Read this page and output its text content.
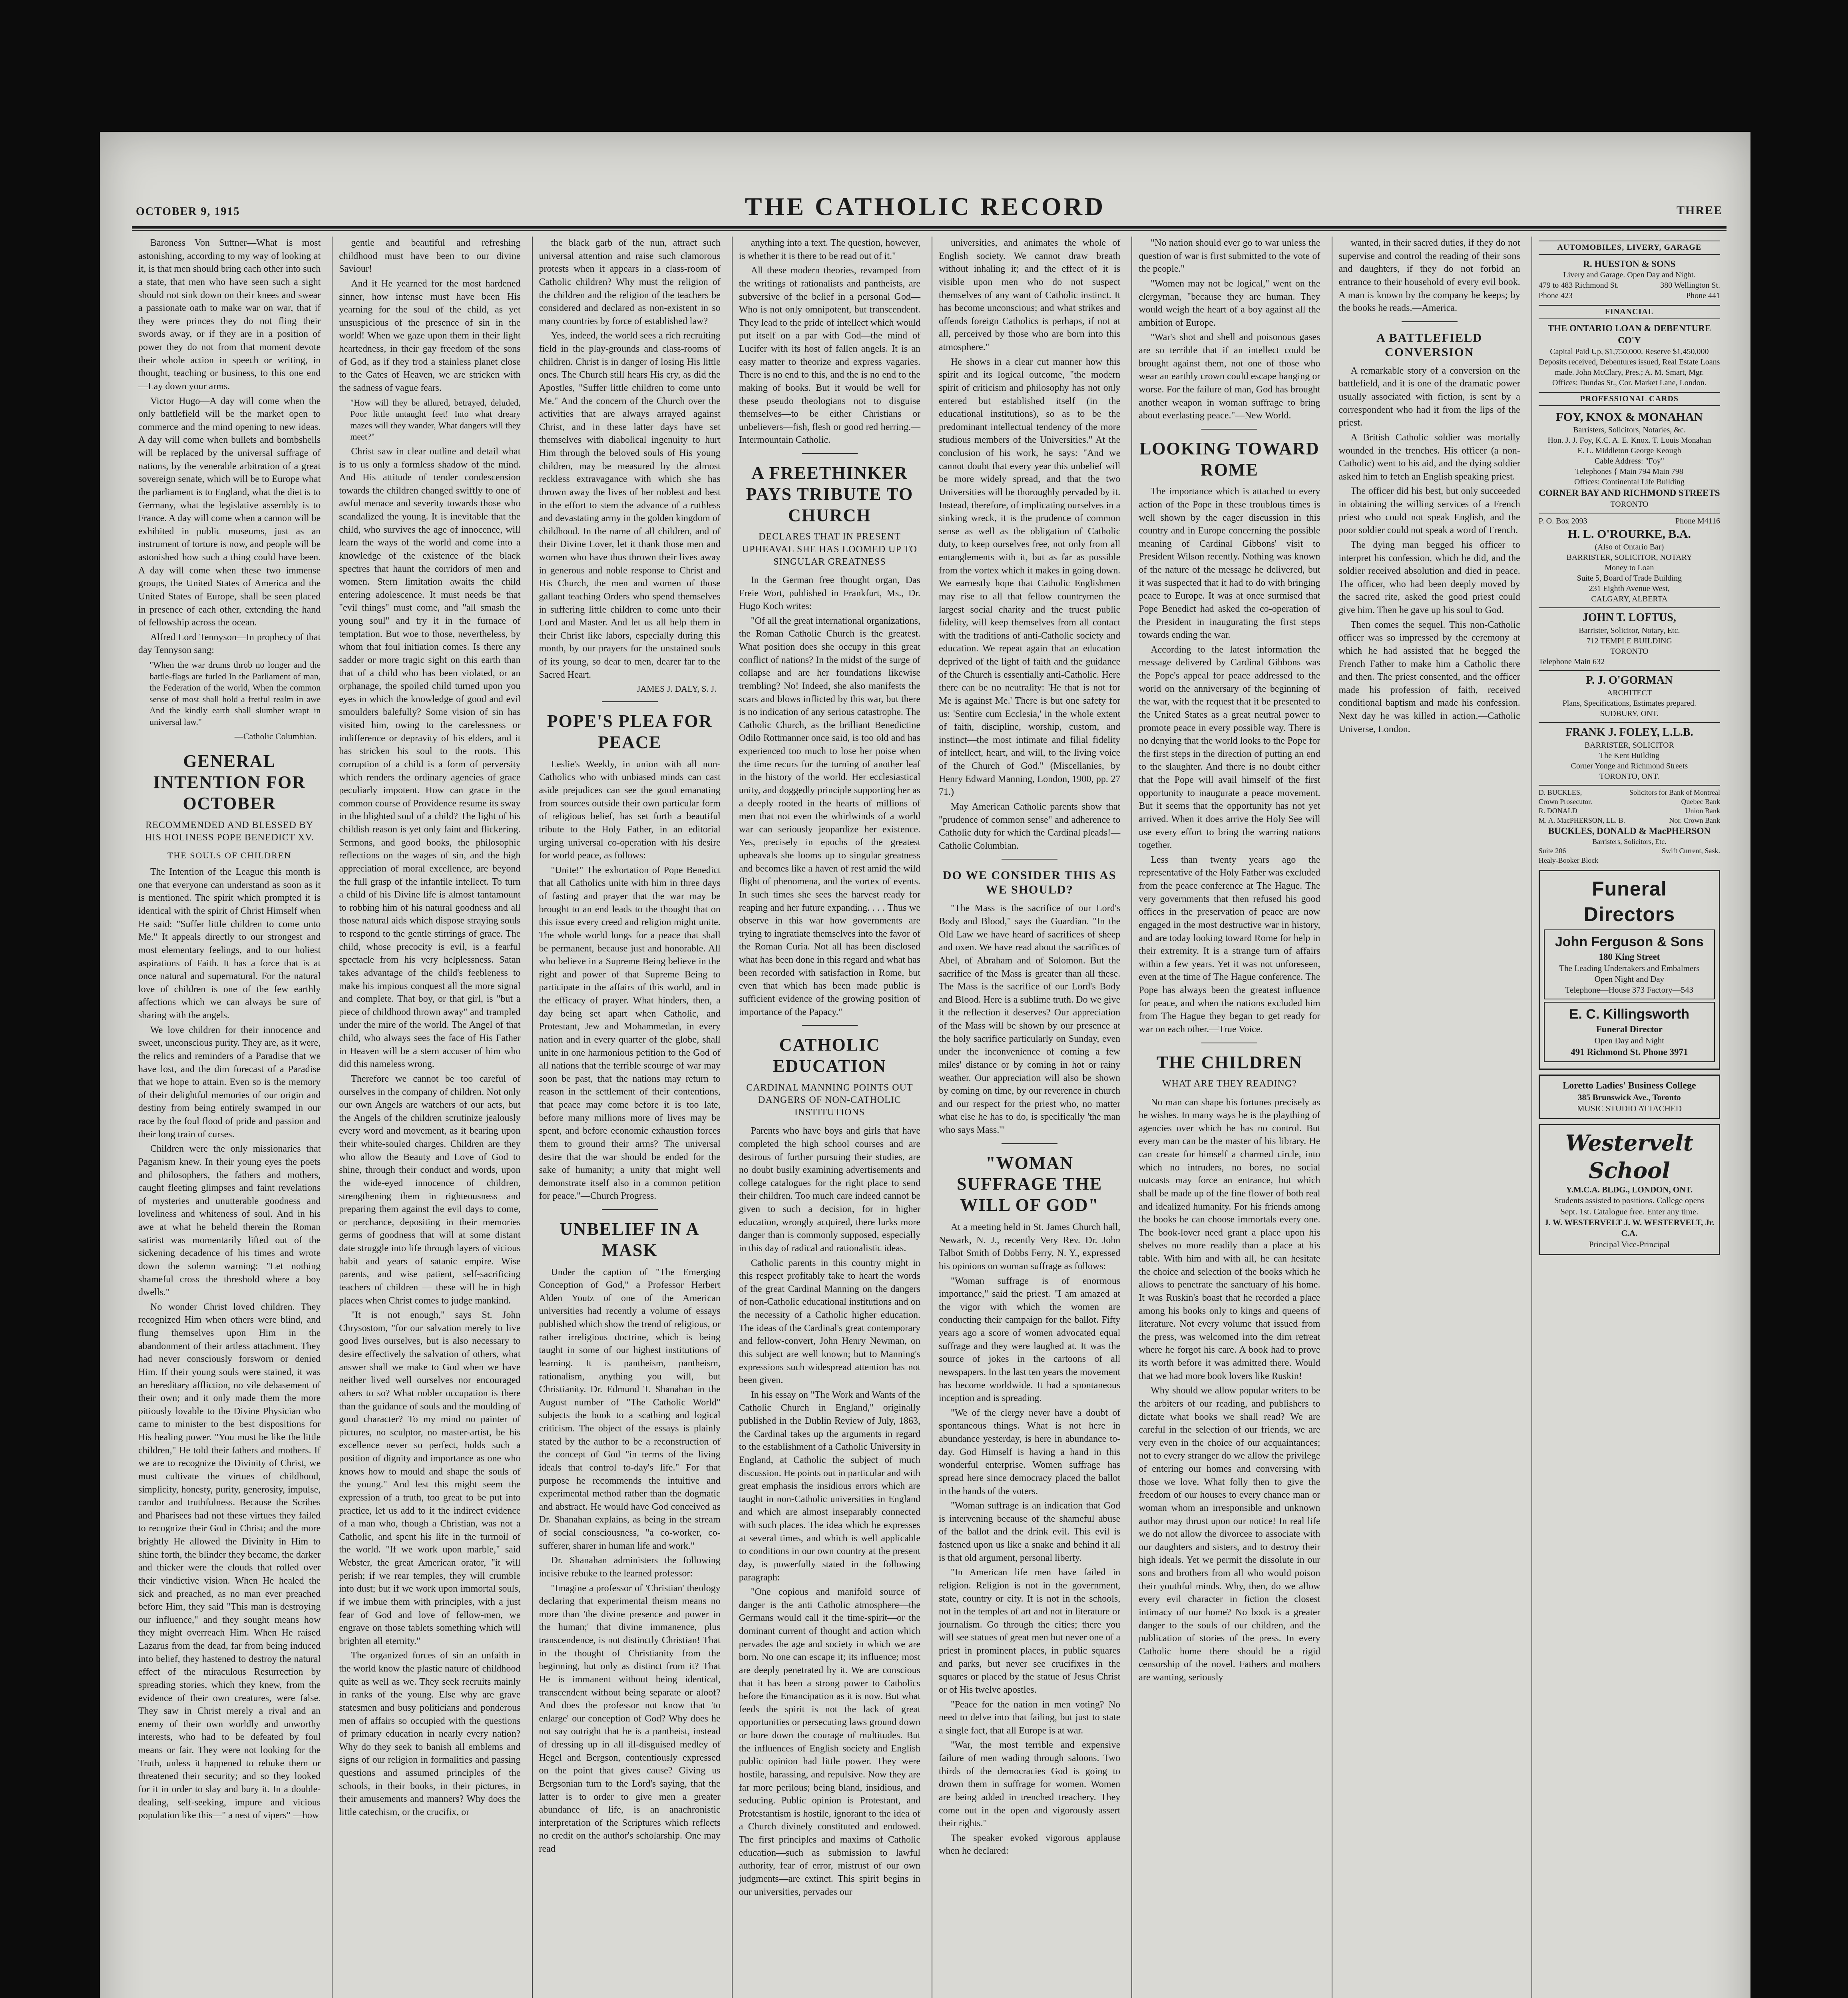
OCTOBER 9, 1915	THE CATHOLIC RECORD	THREE

Baroness Von Suttner—What is most astonishing, according to my way of looking at it, is that men should bring each other into such a state, that men who have seen such a sight should not sink down on their knees and swear a passionate oath to make war on war, that if they were princes they do not fling their swords away, or if they are in a position of power they do not from that moment devote their whole action in speech or writing, in thought, teaching or business, to this one end—Lay down your arms.

Victor Hugo—A day will come when the only battlefield will be the market open to commerce and the mind opening to new ideas. A day will come when bullets and bombshells will be replaced by the universal suffrage of nations, by the venerable arbitration of a great sovereign senate, which will be to Europe what the parliament is to England, what the diet is to Germany, what the legislative assembly is to France. A day will come when a cannon will be exhibited in public museums, just as an instrument of torture is now, and people will be astonished how such a thing could have been. A day will come when these two immense groups, the United States of America and the United States of Europe, shall be seen placed in presence of each other, extending the hand of fellowship across the ocean.

Alfred Lord Tennyson—In prophecy of that day Tennyson sang:

"When the war drums throb no longer and the battle-flags are furled In the Parliament of man, the Federation of the world, When the common sense of most shall hold a fretful realm in awe And the kindly earth shall slumber wrapt in universal law."

—Catholic Columbian.

GENERAL INTENTION FOR OCTOBER
RECOMMENDED AND BLESSED BY HIS HOLINESS POPE BENEDICT XV.
THE SOULS OF CHILDREN

The Intention of the League this month is one that everyone can understand as soon as it is mentioned. The spirit which prompted it is identical with the spirit of Christ Himself when He said: "Suffer little children to come unto Me." It appeals directly to our strongest and most elementary feelings, and to our holiest aspirations of Faith. It has a force that is at once natural and supernatural. For the natural love of children is one of the few earthly affections which we can always be sure of sharing with the angels.

We love children for their innocence and sweet, unconscious purity. They are, as it were, the relics and reminders of a Paradise that we have lost, and the dim forecast of a Paradise that we hope to attain. Even so is the memory of their delightful memories of our origin and destiny from being entirely swamped in our race by the foul flood of pride and passion and their long train of curses.

Children were the only missionaries that Paganism knew. In their young eyes the poets and philosophers, the fathers and mothers, caught fleeting glimpses and faint revelations of mysteries and unutterable goodness and loveliness and whiteness of soul. And in his awe at what he beheld therein the Roman satirist was momentarily lifted out of the sickening decadence of his times and wrote down the solemn warning: "Let nothing shameful cross the threshold where a boy dwells."

No wonder Christ loved children. They recognized Him when others were blind, and flung themselves upon Him in the abandonment of their artless attachment. They had never consciously forsworn or denied Him. If their young souls were stained, it was an hereditary affliction, no vile debasement of their own; and it only made them the more pitiously lovable to the Divine Physician who came to minister to the best dispositions for His healing power. "You must be like the little children," He told their fathers and mothers. If we are to recognize the Divinity of Christ, we must cultivate the virtues of childhood, simplicity, honesty, purity, generosity, impulse, candor and truthfulness. Because the Scribes and Pharisees had not these virtues they failed to recognize their God in Christ; and the more brightly He allowed the Divinity in Him to shine forth, the blinder they became, the darker and thicker were the clouds that rolled over their vindictive vision. When He healed the sick and preached, as no man ever preached before Him, they said "This man is destroying our influence," and they sought means how they might overreach Him. When He raised Lazarus from the dead, far from being induced into belief, they hastened to destroy the natural effect of the miraculous Resurrection by spreading stories, which they knew, from the evidence of their own creatures, were false. They saw in Christ merely a rival and an enemy of their own worldly and unworthy interests, who had to be defeated by foul means or fair. They were not looking for the Truth, unless it happened to rebuke them or threatened their security; and so they looked for it in order to slay and bury it. In a double-dealing, self-seeking, impure and vicious population like this—" a nest of vipers" —how

gentle and beautiful and refreshing childhood must have been to our divine Saviour!

And it He yearned for the most hardened sinner, how intense must have been His yearning for the soul of the child, as yet unsuspicious of the presence of sin in the world! When we gaze upon them in their light heartedness, in their gay freedom of the sons of God, as if they trod a stainless planet close to the Gates of Heaven, we are stricken with the sadness of vague fears.

"How will they be allured, betrayed, deluded, Poor little untaught feet! Into what dreary mazes will they wander, What dangers will they meet?"

Christ saw in clear outline and detail what is to us only a formless shadow of the mind. And His attitude of tender condescension towards the children changed swiftly to one of awful menace and severity towards those who scandalized the young. It is inevitable that the child, who survives the age of innocence, will learn the ways of the world and come into a knowledge of the existence of the black spectres that haunt the corridors of men and women. Stern limitation awaits the child entering adolescence. It must needs be that "evil things" must come, and "all smash the young soul" and try it in the furnace of temptation. But woe to those, nevertheless, by whom that foul initiation comes. Is there any sadder or more tragic sight on this earth than that of a child who has been violated, or an orphanage, the spoiled child turned upon you eyes in which the knowledge of good and evil smoulders balefully? Some vision of sin has visited him, owing to the carelessness or indifference or depravity of his elders, and it has stricken his soul to the roots. This corruption of a child is a form of perversity which renders the ordinary agencies of grace peculiarly impotent. How can grace in the common course of Providence resume its sway in the blighted soul of a child? The light of his childish reason is yet only faint and flickering. Sermons, and good books, the philosophic reflections on the wages of sin, and the high appreciation of moral excellence, are beyond the full grasp of the infantile intellect. To turn a child of his Divine life is almost tantamount to robbing him of his natural goodness and all those natural aids which dispose straying souls to respond to the gentle stirrings of grace. The child, whose precocity is evil, is a fearful spectacle from his very helplessness. Satan takes advantage of the child's feebleness to make his impious conquest all the more signal and complete. That boy, or that girl, is "but a piece of childhood thrown away" and trampled under the mire of the world. The Angel of that child, who always sees the face of His Father in Heaven will be a stern accuser of him who did this nameless wrong.

Therefore we cannot be too careful of ourselves in the company of children. Not only our own Angels are watchers of our acts, but the Angels of the children scrutinize jealously every word and movement, as it bearing upon their white-souled charges. Children are they who allow the Beauty and Love of God to shine, through their conduct and words, upon the wide-eyed innocence of children, strengthening them in righteousness and preparing them against the evil days to come, or perchance, depositing in their memories germs of goodness that will at some distant date struggle into life through layers of vicious habit and years of satanic empire. Wise parents, and wise patient, self-sacrificing teachers of children — these will be in high places when Christ comes to judge mankind.

"It is not enough," says St. John Chrysostom, "for our salvation merely to live good lives ourselves, but is also necessary to desire effectively the salvation of others, what answer shall we make to God when we have neither lived well ourselves nor encouraged others to so? What nobler occupation is there than the guidance of souls and the moulding of good character? To my mind no painter of pictures, no sculptor, no master-artist, be his excellence never so perfect, holds such a position of dignity and importance as one who knows how to mould and shape the souls of the young." And lest this might seem the expression of a truth, too great to be put into practice, let us add to it the indirect evidence of a man who, though a Christian, was not a Catholic, and spent his life in the turmoil of the world. "If we work upon marble," said Webster, the great American orator, "it will perish; if we rear temples, they will crumble into dust; but if we work upon immortal souls, if we imbue them with principles, with a just fear of God and love of fellow-men, we engrave on those tablets something which will brighten all eternity."

The organized forces of sin an unfaith in the world know the plastic nature of childhood quite as well as we. They seek recruits mainly in ranks of the young. Else why are grave statesmen and busy politicians and ponderous men of affairs so occupied with the questions of primary education in nearly every nation? Why do they seek to banish all emblems and signs of our religion in formalities and passing questions and assumed principles of the schools, in their books, in their pictures, in their amusements and manners? Why does the little catechism, or the crucifix, or

the black garb of the nun, attract such universal attention and raise such clamorous protests when it appears in a class-room of Catholic children? Why must the religion of the children and the religion of the teachers be considered and declared as non-existent in so many countries by force of established law?

Yes, indeed, the world sees a rich recruiting field in the play-grounds and class-rooms of children. Christ is in danger of losing His little ones. The Church still hears His cry, as did the Apostles, "Suffer little children to come unto Me." And the concern of the Church over the activities that are always arrayed against Christ, and in these latter days have set themselves with diabolical ingenuity to hurt Him through the beloved souls of His young children, may be measured by the almost reckless extravagance with which she has thrown away the lives of her noblest and best in the effort to stem the advance of a ruthless and devastating army in the golden kingdom of childhood. In the name of all children, and of their Divine Lover, let it thank those men and women who have thus thrown their lives away in generous and noble response to Christ and His Church, the men and women of those gallant teaching Orders who spend themselves in suffering little children to come unto their Lord and Master. And let us all help them in their Christ like labors, especially during this month, by our prayers for the unstained souls of its young, so dear to men, dearer far to the Sacred Heart.

JAMES J. DALY, S. J.

POPE'S PLEA FOR PEACE

Leslie's Weekly, in union with all non-Catholics who with unbiased minds can cast aside prejudices can see the good emanating from sources outside their own particular form of religious belief, has set forth a beautiful tribute to the Holy Father, in an editorial urging universal co-operation with his desire for world peace, as follows:

"Unite!" The exhortation of Pope Benedict that all Catholics unite with him in three days of fasting and prayer that the war may be brought to an end leads to the thought that on this issue every creed and religion might unite. The whole world longs for a peace that shall be permanent, because just and honorable. All who believe in a Supreme Being believe in the right and power of that Supreme Being to participate in the affairs of this world, and in the efficacy of prayer. What hinders, then, a day being set apart when Catholic, and Protestant, Jew and Mohammedan, in every nation and in every quarter of the globe, shall unite in one harmonious petition to the God of all nations that the terrible scourge of war may soon be past, that the nations may return to reason in the settlement of their contentions, that peace may come before it is too late, before many millions more of lives may be spent, and before economic exhaustion forces them to ground their arms? The universal desire that the war should be ended for the sake of humanity; a unity that might well demonstrate itself also in a common petition for peace."—Church Progress.

UNBELIEF IN A MASK

Under the caption of "The Emerging Conception of God," a Professor Herbert Alden Youtz of one of the American universities had recently a volume of essays published which show the trend of religious, or rather irreligious doctrine, which is being taught in some of our highest institutions of learning. It is pantheism, pantheism, rationalism, anything you will, but Christianity. Dr. Edmund T. Shanahan in the August number of "The Catholic World" subjects the book to a scathing and logical criticism. The object of the essays is plainly stated by the author to be a reconstruction of the concept of God "in terms of the living ideals that control to-day's life." For that purpose he recommends the intuitive and experimental method rather than the dogmatic and abstract. He would have God conceived as Dr. Shanahan explains, as being in the stream of social consciousness, "a co-worker, co-sufferer, sharer in human life and work."

Dr. Shanahan administers the following incisive rebuke to the learned professor:

"Imagine a professor of 'Christian' theology declaring that experimental theism means no more than 'the divine presence and power in the human;' that divine immanence, plus transcendence, is not distinctly Christian! That in the thought of Christianity from the beginning, but only as distinct from it? That He is immanent without being identical, transcendent without being separate or aloof? And does the professor not know that 'to enlarge' our conception of God? Why does he not say outright that he is a pantheist, instead of dressing up in all ill-disguised medley of Hegel and Bergson, contentiously expressed on the point that gives cause? Giving us Bergsonian turn to the Lord's saying, that the latter is to order to give men a greater abundance of life, is an anachronistic interpretation of the Scriptures which reflects no credit on the author's scholarship. One may read

anything into a text. The question, however, is whether it is there to be read out of it."

All these modern theories, revamped from the writings of rationalists and pantheists, are subversive of the belief in a personal God—Who is not only omnipotent, but transcendent. They lead to the pride of intellect which would put itself on a par with God—the mind of Lucifer with its host of fallen angels. It is an easy matter to theorize and express vagaries. There is no end to this, and the is no end to the making of books. But it would be well for these pseudo theologians not to disguise themselves—to be either Christians or unbelievers—fish, flesh or good red herring.—Intermountain Catholic.

A FREETHINKER PAYS TRIBUTE TO CHURCH
DECLARES THAT IN PRESENT UPHEAVAL SHE HAS LOOMED UP TO SINGULAR GREATNESS

In the German free thought organ, Das Freie Wort, published in Frankfurt, Ms., Dr. Hugo Koch writes:

"Of all the great international organizations, the Roman Catholic Church is the greatest. What position does she occupy in this great conflict of nations? In the midst of the surge of collapse and are her foundations likewise trembling? No! Indeed, she also manifests the scars and blows inflicted by this war, but there is no indication of any serious catastrophe. The Catholic Church, as the brilliant Benedictine Odilo Rottmanner once said, is too old and has experienced too much to lose her poise when the time recurs for the turning of another leaf in the history of the world. Her ecclesiastical unity, and doggedly principle supporting her as a deeply rooted in the hearts of millions of men that not even the whirlwinds of a world war can seriously jeopardize her existence. Yes, precisely in epochs of the greatest upheavals she looms up to singular greatness and becomes like a haven of rest amid the wild flight of phenomena, and the vortex of events. In such times she sees the harvest ready for reaping and her future expanding. . . . Thus we observe in this war how governments are trying to ingratiate themselves into the favor of the Roman Curia. Not all has been disclosed what has been done in this regard and what has been recorded with satisfaction in Rome, but even that which has been made public is sufficient evidence of the growing position of importance of the Papacy."

CATHOLIC EDUCATION
CARDINAL MANNING POINTS OUT DANGERS OF NON-CATHOLIC INSTITUTIONS

Parents who have boys and girls that have completed the high school courses and are desirous of further pursuing their studies, are no doubt busily examining advertisements and college catalogues for the right place to send their children. Too much care indeed cannot be given to such a decision, for in higher education, wrongly acquired, there lurks more danger than is commonly supposed, especially in this day of radical and rationalistic ideas.

Catholic parents in this country might in this respect profitably take to heart the words of the great Cardinal Manning on the dangers of non-Catholic educational institutions and on the necessity of a Catholic higher education. The ideas of the Cardinal's great contemporary and fellow-convert, John Henry Newman, on this subject are well known; but to Manning's expressions such widespread attention has not been given.

In his essay on "The Work and Wants of the Catholic Church in England," originally published in the Dublin Review of July, 1863, the Cardinal takes up the arguments in regard to the establishment of a Catholic University in England, at Catholic the subject of much discussion. He points out in particular and with great emphasis the insidious errors which are taught in non-Catholic universities in England and which are almost inseparably connected with such places. The idea which he expresses at several times, and which is well applicable to conditions in our own country at the present day, is powerfully stated in the following paragraph:

"One copious and manifold source of danger is the anti Catholic atmosphere—the Germans would call it the time-spirit—or the dominant current of thought and action which pervades the age and society in which we are born. No one can escape it; its influence; most are deeply penetrated by it. We are conscious that it has been a strong power to Catholics before the Emancipation as it is now. But what feeds the spirit is not the lack of great opportunities or persecuting laws ground down or bore down the courage of multitudes. But the influences of English society and English public opinion had little power. They were hostile, harassing, and repulsive. Now they are far more perilous; being bland, insidious, and seducing. Public opinion is Protestant, and Protestantism is hostile, ignorant to the idea of a Church divinely constituted and endowed. The first principles and maxims of Catholic education—such as submission to lawful authority, fear of error, mistrust of our own judgments—are extinct. This spirit begins in our universities, pervades our

universities, and animates the whole of English society. We cannot draw breath without inhaling it; and the effect of it is visible upon men who do not suspect themselves of any want of Catholic instinct. It has become unconscious; and what strikes and offends foreign Catholics is perhaps, if not at all, perceived by those who are born into this atmosphere."

He shows in a clear cut manner how this spirit and its logical outcome, "the modern spirit of criticism and philosophy has not only entered but established itself (in the educational institutions), so as to be the predominant intellectual tendency of the more studious members of the Universities." At the conclusion of his work, he says: "And we cannot doubt that every year this unbelief will be more widely spread, and that the two Universities will be thoroughly pervaded by it. Instead, therefore, of implicating ourselves in a sinking wreck, it is the prudence of common sense as well as the obligation of Catholic duty, to keep ourselves free, not only from all entanglements with it, but as far as possible from the vortex which it makes in going down. We earnestly hope that Catholic Englishmen may rise to all that fellow countrymen the largest social charity and the truest public fidelity, will keep themselves from all contact with the traditions of anti-Catholic society and education. We repeat again that an education deprived of the light of faith and the guidance of the Church is essentially anti-Catholic. Here there can be no neutrality: 'He that is not for Me is against Me.' There is but one safety for us: 'Sentire cum Ecclesia,' in the whole extent of faith, discipline, worship, custom, and instinct—the most intimate and filial fidelity of intellect, heart, and will, to the living voice of the Church of God." (Miscellanies, by Henry Edward Manning, London, 1900, pp. 27 71.)

May American Catholic parents show that "prudence of common sense" and adherence to Catholic duty for which the Cardinal pleads!—Catholic Columbian.

DO WE CONSIDER THIS AS WE SHOULD?

"The Mass is the sacrifice of our Lord's Body and Blood," says the Guardian. "In the Old Law we have heard of sacrifices of sheep and oxen. We have read about the sacrifices of Abel, of Abraham and of Solomon. But the sacrifice of the Mass is greater than all these. The Mass is the sacrifice of our Lord's Body and Blood. Here is a sublime truth. Do we give it the reflection it deserves? Our appreciation of the Mass will be shown by our presence at the holy sacrifice particularly on Sunday, even under the inconvenience of coming a few miles' distance or by coming in hot or rainy weather. Our appreciation will also be shown by coming on time, by our reverence in church and our respect for the priest who, no matter what else he has to do, is specifically 'the man who says Mass.'"

"WOMAN SUFFRAGE THE WILL OF GOD"

At a meeting held in St. James Church hall, Newark, N. J., recently Very Rev. Dr. John Talbot Smith of Dobbs Ferry, N. Y., expressed his opinions on woman suffrage as follows:

"Woman suffrage is of enormous importance," said the priest. "I am amazed at the vigor with which the women are conducting their campaign for the ballot. Fifty years ago a score of women advocated equal suffrage and they were laughed at. It was the source of jokes in the cartoons of all newspapers. In the last ten years the movement has become worldwide. It had a spontaneous inception and is spreading.

"We of the clergy never have a doubt of spontaneous things. What is not here in abundance yesterday, is here in abundance to-day. God Himself is having a hand in this wonderful enterprise. Women suffrage has spread here since democracy placed the ballot in the hands of the voters.

"Woman suffrage is an indication that God is intervening because of the shameful abuse of the ballot and the drink evil. This evil is fastened upon us like a snake and behind it all is that old argument, personal liberty.

"In American life men have failed in religion. Religion is not in the government, state, country or city. It is not in the schools, not in the temples of art and not in literature or journalism. Go through the cities; there you will see statues of great men but never one of a priest in prominent places, in public squares and parks, but never see crucifixes in the squares or placed by the statue of Jesus Christ or of His twelve apostles.

"Peace for the nation in men voting? No need to delve into that failing, but just to state a single fact, that all Europe is at war.

"War, the most terrible and expensive failure of men wading through saloons. Two thirds of the democracies God is going to drown them in suffrage for women. Women are being added in trenched treachery. They come out in the open and vigorously assert their rights."

The speaker evoked vigorous applause when he declared:

"No nation should ever go to war unless the question of war is first submitted to the vote of the people."

"Women may not be logical," went on the clergyman, "because they are human. They would weigh the heart of a boy against all the ambition of Europe.

"War's shot and shell and poisonous gases are so terrible that if an intellect could be brought against them, not one of those who wear an earthly crown could escape hanging or worse. For the failure of man, God has brought another weapon in woman suffrage to bring about everlasting peace."—New World.

LOOKING TOWARD ROME

The importance which is attached to every action of the Pope in these troublous times is well shown by the eager discussion in this country and in Europe concerning the possible meaning of Cardinal Gibbons' visit to President Wilson recently. Nothing was known of the nature of the message he delivered, but it was suspected that it had to do with bringing peace to Europe. It was at once surmised that Pope Benedict had asked the co-operation of the President in inaugurating the first steps towards ending the war.

According to the latest information the message delivered by Cardinal Gibbons was the Pope's appeal for peace addressed to the world on the anniversary of the beginning of the war, with the request that it be presented to the United States as a great neutral power to promote peace in every possible way. There is no denying that the world looks to the Pope for the first steps in the direction of putting an end to the slaughter. And there is no doubt either that the Pope will avail himself of the first opportunity to inaugurate a peace movement. But it seems that the opportunity has not yet arrived. When it does arrive the Holy See will use every effort to bring the warring nations together.

Less than twenty years ago the representative of the Holy Father was excluded from the peace conference at The Hague. The very governments that then refused his good offices in the preservation of peace are now engaged in the most destructive war in history, and are today looking toward Rome for help in their extremity. It is a strange turn of affairs within a few years. Yet it was not unforeseen, even at the time of The Hague conference. The Pope has always been the greatest influence for peace, and when the nations excluded him from The Hague they began to get ready for war on each other.—True Voice.

THE CHILDREN
WHAT ARE THEY READING?

No man can shape his fortunes precisely as he wishes. In many ways he is the plaything of agencies over which he has no control. But every man can be the master of his library. He can create for himself a charmed circle, into which no intruders, no bores, no social outcasts may force an entrance, but which shall be made up of the fine flower of both real and idealized humanity. For his friends among the books he can choose immortals every one. The book-lover need grant a place upon his shelves no more readily than a place at his table. With him and with all, he can hesitate the choice and selection of the books which he allows to penetrate the sanctuary of his home. It was Ruskin's boast that he recorded a place among his books only to kings and queens of literature. Not every volume that issued from the press, was welcomed into the dim retreat where he forgot his care. A book had to prove its worth before it was admitted there. Would that we had more book lovers like Ruskin!

Why should we allow popular writers to be the arbiters of our reading, and publishers to dictate what books we shall read? We are careful in the selection of our friends, we are very even in the choice of our acquaintances; not to every stranger do we allow the privilege of entering our homes and conversing with those we love. What folly then to give the freedom of our houses to every chance man or woman whom an irresponsible and unknown author may thrust upon our notice! In real life we do not allow the divorcee to associate with our daughters and sisters, and to destroy their high ideals. Yet we permit the dissolute in our sons and brothers from all who would poison their youthful minds. Why, then, do we allow every evil character in fiction the closest intimacy of our home? No book is a greater danger to the souls of our children, and the publication of stories of the press. In every Catholic home there should be a rigid censorship of the novel. Fathers and mothers are wanting, seriously

wanted, in their sacred duties, if they do not supervise and control the reading of their sons and daughters, if they do not forbid an entrance to their household of every evil book. A man is known by the company he keeps; by the books he reads.—America.

A BATTLEFIELD CONVERSION

A remarkable story of a conversion on the battlefield, and it is one of the dramatic power usually associated with fiction, is sent by a correspondent who had it from the lips of the priest.

A British Catholic soldier was mortally wounded in the trenches. His officer (a non-Catholic) went to his aid, and the dying soldier asked him to fetch an English speaking priest.

The officer did his best, but only succeeded in obtaining the willing services of a French priest who could not speak English, and the poor soldier could not speak a word of French.

The dying man begged his officer to interpret his confession, which he did, and the soldier received absolution and died in peace. The officer, who had been deeply moved by the sacred rite, asked the good priest could give him. Then he gave up his soul to God.

Then comes the sequel. This non-Catholic officer was so impressed by the ceremony at which he had assisted that he begged the French Father to make him a Catholic there and then. The priest consented, and the officer made his profession of faith, received conditional baptism and made his confession. Next day he was killed in action.—Catholic Universe, London.

AUTOMOBILES, LIVERY, GARAGE
R. HUESTON & SONS
Livery and Garage. Open Day and Night.
479 to 483 Richmond St.	380 Wellington St.
Phone 423	Phone 441
FINANCIAL
THE ONTARIO LOAN & DEBENTURE CO'Y
Capital Paid Up, $1,750,000. Reserve $1,450,000
Deposits received, Debentures issued, Real Estate Loans made. John McClary, Pres.; A. M. Smart, Mgr.
Offices: Dundas St., Cor. Market Lane, London.
PROFESSIONAL CARDS
FOY, KNOX & MONAHAN
Barristers, Solicitors, Notaries, &c.
Hon. J. J. Foy, K.C. A. E. Knox. T. Louis Monahan
E. L. Middleton George Keough
Cable Address: "Foy"
Telephones { Main 794 Main 798
Offices: Continental Life Building
CORNER BAY AND RICHMOND STREETS
TORONTO
P. O. Box 2093	Phone M4116
H. L. O'ROURKE, B.A.
(Also of Ontario Bar)
BARRISTER, SOLICITOR, NOTARY
Money to Loan
Suite 5, Board of Trade Building
231 Eighth Avenue West,
CALGARY, ALBERTA
JOHN T. LOFTUS,
Barrister, Solicitor, Notary, Etc.
712 TEMPLE BUILDING
TORONTO
Telephone Main 632
P. J. O'GORMAN
ARCHITECT
Plans, Specifications, Estimates prepared.
SUDBURY, ONT.
FRANK J. FOLEY, L.L.B.
BARRISTER, SOLICITOR
The Kent Building
Corner Yonge and Richmond Streets
TORONTO, ONT.
D. BUCKLES,	Solicitors for Bank of Montreal
Crown Prosecutor.	Quebec Bank
R. DONALD	Union Bank
M. A. MacPHERSON, LL. B.	Nor. Crown Bank
BUCKLES, DONALD & MacPHERSON
Barristers, Solicitors, Etc.
Suite 206	Swift Current, Sask.
Healy-Booker Block
Funeral Directors
John Ferguson & Sons
180 King Street
The Leading Undertakers and Embalmers
Open Night and Day
Telephone—House 373 Factory—543
E. C. Killingsworth
Funeral Director
Open Day and Night
491 Richmond St. Phone 3971
Loretto Ladies' Business College
385 Brunswick Ave., Toronto
MUSIC STUDIO ATTACHED
Westervelt School
Y.M.C.A. BLDG., LONDON, ONT.
Students assisted to positions. College opens
Sept. 1st. Catalogue free. Enter any time.
J. W. WESTERVELT J. W. WESTERVELT, Jr. C.A.
Principal Vice-Principal
